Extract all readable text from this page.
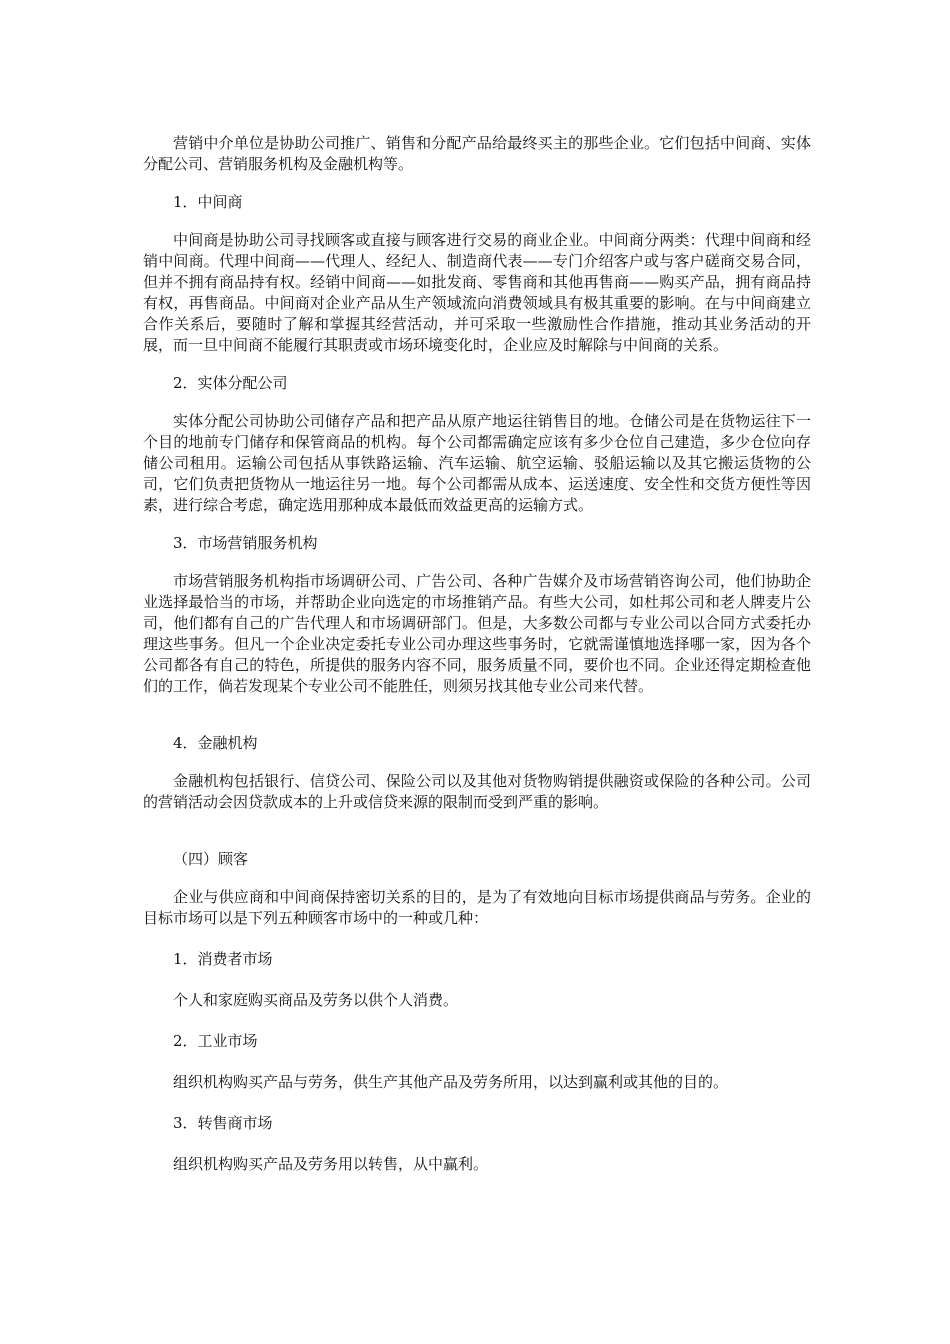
营销中介单位是协助公司推广、销售和分配产品给最终买主的那些企业。它们包括中间商、实体分配公司、营销服务机构及金融机构等。

1．中间商

中间商是协助公司寻找顾客或直接与顾客进行交易的商业企业。中间商分两类：代理中间商和经销中间商。代理中间商——代理人、经纪人、制造商代表——专门介绍客户或与客户磋商交易合同，但并不拥有商品持有权。经销中间商——如批发商、零售商和其他再售商——购买产品，拥有商品持有权，再售商品。中间商对企业产品从生产领域流向消费领域具有极其重要的影响。在与中间商建立合作关系后，要随时了解和掌握其经营活动，并可采取一些激励性合作措施，推动其业务活动的开展，而一旦中间商不能履行其职责或市场环境变化时，企业应及时解除与中间商的关系。

2．实体分配公司

实体分配公司协助公司储存产品和把产品从原产地运往销售目的地。仓储公司是在货物运往下一个目的地前专门储存和保管商品的机构。每个公司都需确定应该有多少仓位自己建造，多少仓位向存储公司租用。运输公司包括从事铁路运输、汽车运输、航空运输、驳船运输以及其它搬运货物的公司，它们负责把货物从一地运往另一地。每个公司都需从成本、运送速度、安全性和交货方便性等因素，进行综合考虑，确定选用那种成本最低而效益更高的运输方式。

3．市场营销服务机构

市场营销服务机构指市场调研公司、广告公司、各种广告媒介及市场营销咨询公司，他们协助企业选择最恰当的市场，并帮助企业向选定的市场推销产品。有些大公司，如杜邦公司和老人牌麦片公司，他们都有自己的广告代理人和市场调研部门。但是，大多数公司都与专业公司以合同方式委托办理这些事务。但凡一个企业决定委托专业公司办理这些事务时，它就需谨慎地选择哪一家，因为各个公司都各有自己的特色，所提供的服务内容不同，服务质量不同，要价也不同。企业还得定期检查他们的工作，倘若发现某个专业公司不能胜任，则须另找其他专业公司来代替。

4．金融机构

金融机构包括银行、信贷公司、保险公司以及其他对货物购销提供融资或保险的各种公司。公司的营销活动会因贷款成本的上升或信贷来源的限制而受到严重的影响。

（四）顾客

企业与供应商和中间商保持密切关系的目的，是为了有效地向目标市场提供商品与劳务。企业的目标市场可以是下列五种顾客市场中的一种或几种：

1．消费者市场

个人和家庭购买商品及劳务以供个人消费。

2．工业市场

组织机构购买产品与劳务，供生产其他产品及劳务所用，以达到赢利或其他的目的。

3．转售商市场

组织机构购买产品及劳务用以转售，从中赢利。
